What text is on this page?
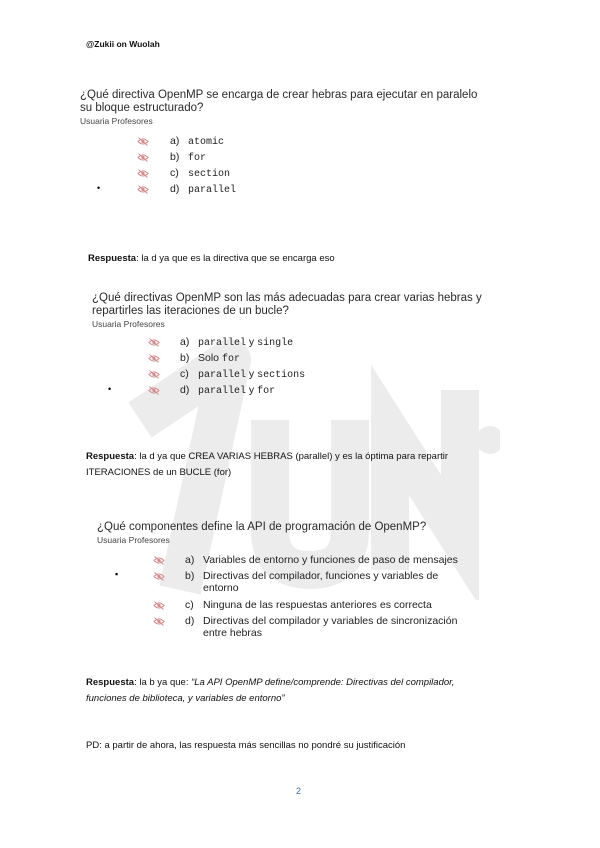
@Zukii on Wuolah
¿Qué directiva OpenMP se encarga de crear hebras para ejecutar en paralelo
su bloque estructurado?
Usuaria Profesores
a) atomic
b) for
c) section
•	d) parallel
Respuesta: la d ya que es la directiva que se encarga eso
¿Qué directivas OpenMP son las más adecuadas para crear varias hebras y
repartirles las iteraciones de un bucle?
Usuaria Profesores
a) parallel y single
b) Solo for
c) parallel y sections
•	d) parallel y for
Respuesta: la d ya que CREA VARIAS HEBRAS (parallel) y es la óptima para repartir
ITERACIONES de un BUCLE (for)
¿Qué componentes define la API de programación de OpenMP?
Usuaria Profesores
a) Variables de entorno y funciones de paso de mensajes
▪	b) Directivas del compilador, funciones y variables de
entorno
c) Ninguna de las respuestas anteriores es correcta
d) Directivas del compilador y variables de sincronización
entre hebras
Respuesta: la b ya que: “La API OpenMP define/comprende: Directivas del compilador,
funciones de biblioteca, y variables de entorno”
PD: a partir de ahora, las respuesta más sencillas no pondré su justificación
2
